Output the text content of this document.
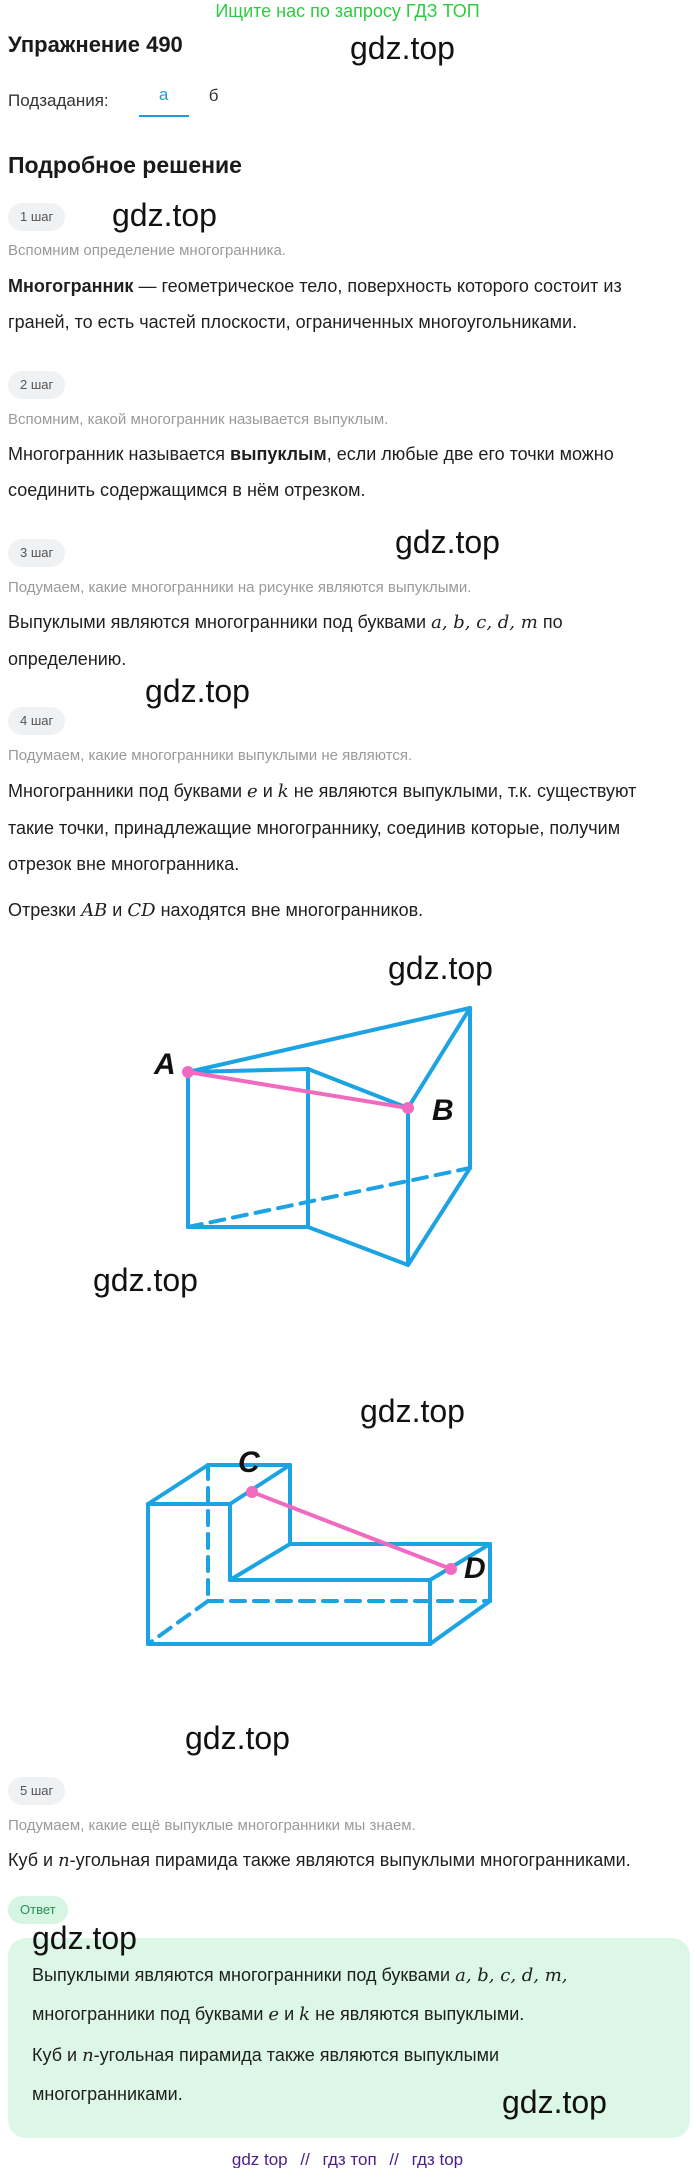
Ищите нас по запросу ГДЗ ТОП
Упражнение 490	gdz.top
Подзадания:	а	б
Подробное решение
1 шаг	gdz.top
Вспомним определение многогранника.
Многогранник — геометрическое тело, поверхность которого состоит из
граней, то есть частей плоскости, ограниченных многоугольниками.
2 шаг
Вспомним, какой многогранник называется выпуклым.
Многогранник называется выпуклым, если любые две его точки можно
соединить содержащимся в нём отрезком.
3 шаг	gdz.top
Подумаем, какие многогранники на рисунке являются выпуклыми.
Выпуклыми являются многогранники под буквами a, b, c, d, m по
определению.
gdz.top
4 шаг
Подумаем, какие многогранники выпуклыми не являются.
Многогранники под буквами e и k не являются выпуклыми, т.к. существуют
такие точки, принадлежащие многограннику, соединив которые, получим
отрезок вне многогранника.
Отрезки AB и CD находятся вне многогранников.
gdz.top
A
B
gdz.top
gdz.top
C
D
gdz.top
5 шаг
Подумаем, какие ещё выпуклые многогранники мы знаем.
Куб и n-угольная пирамида также являются выпуклыми многогранниками.
Ответ
gdz.top
Выпуклыми являются многогранники под буквами a, b, c, d, m,
многогранники под буквами e и k не являются выпуклыми.
Куб и n-угольная пирамида также являются выпуклыми
многогранниками.	gdz.top
gdz top // гдз топ // гдз top
